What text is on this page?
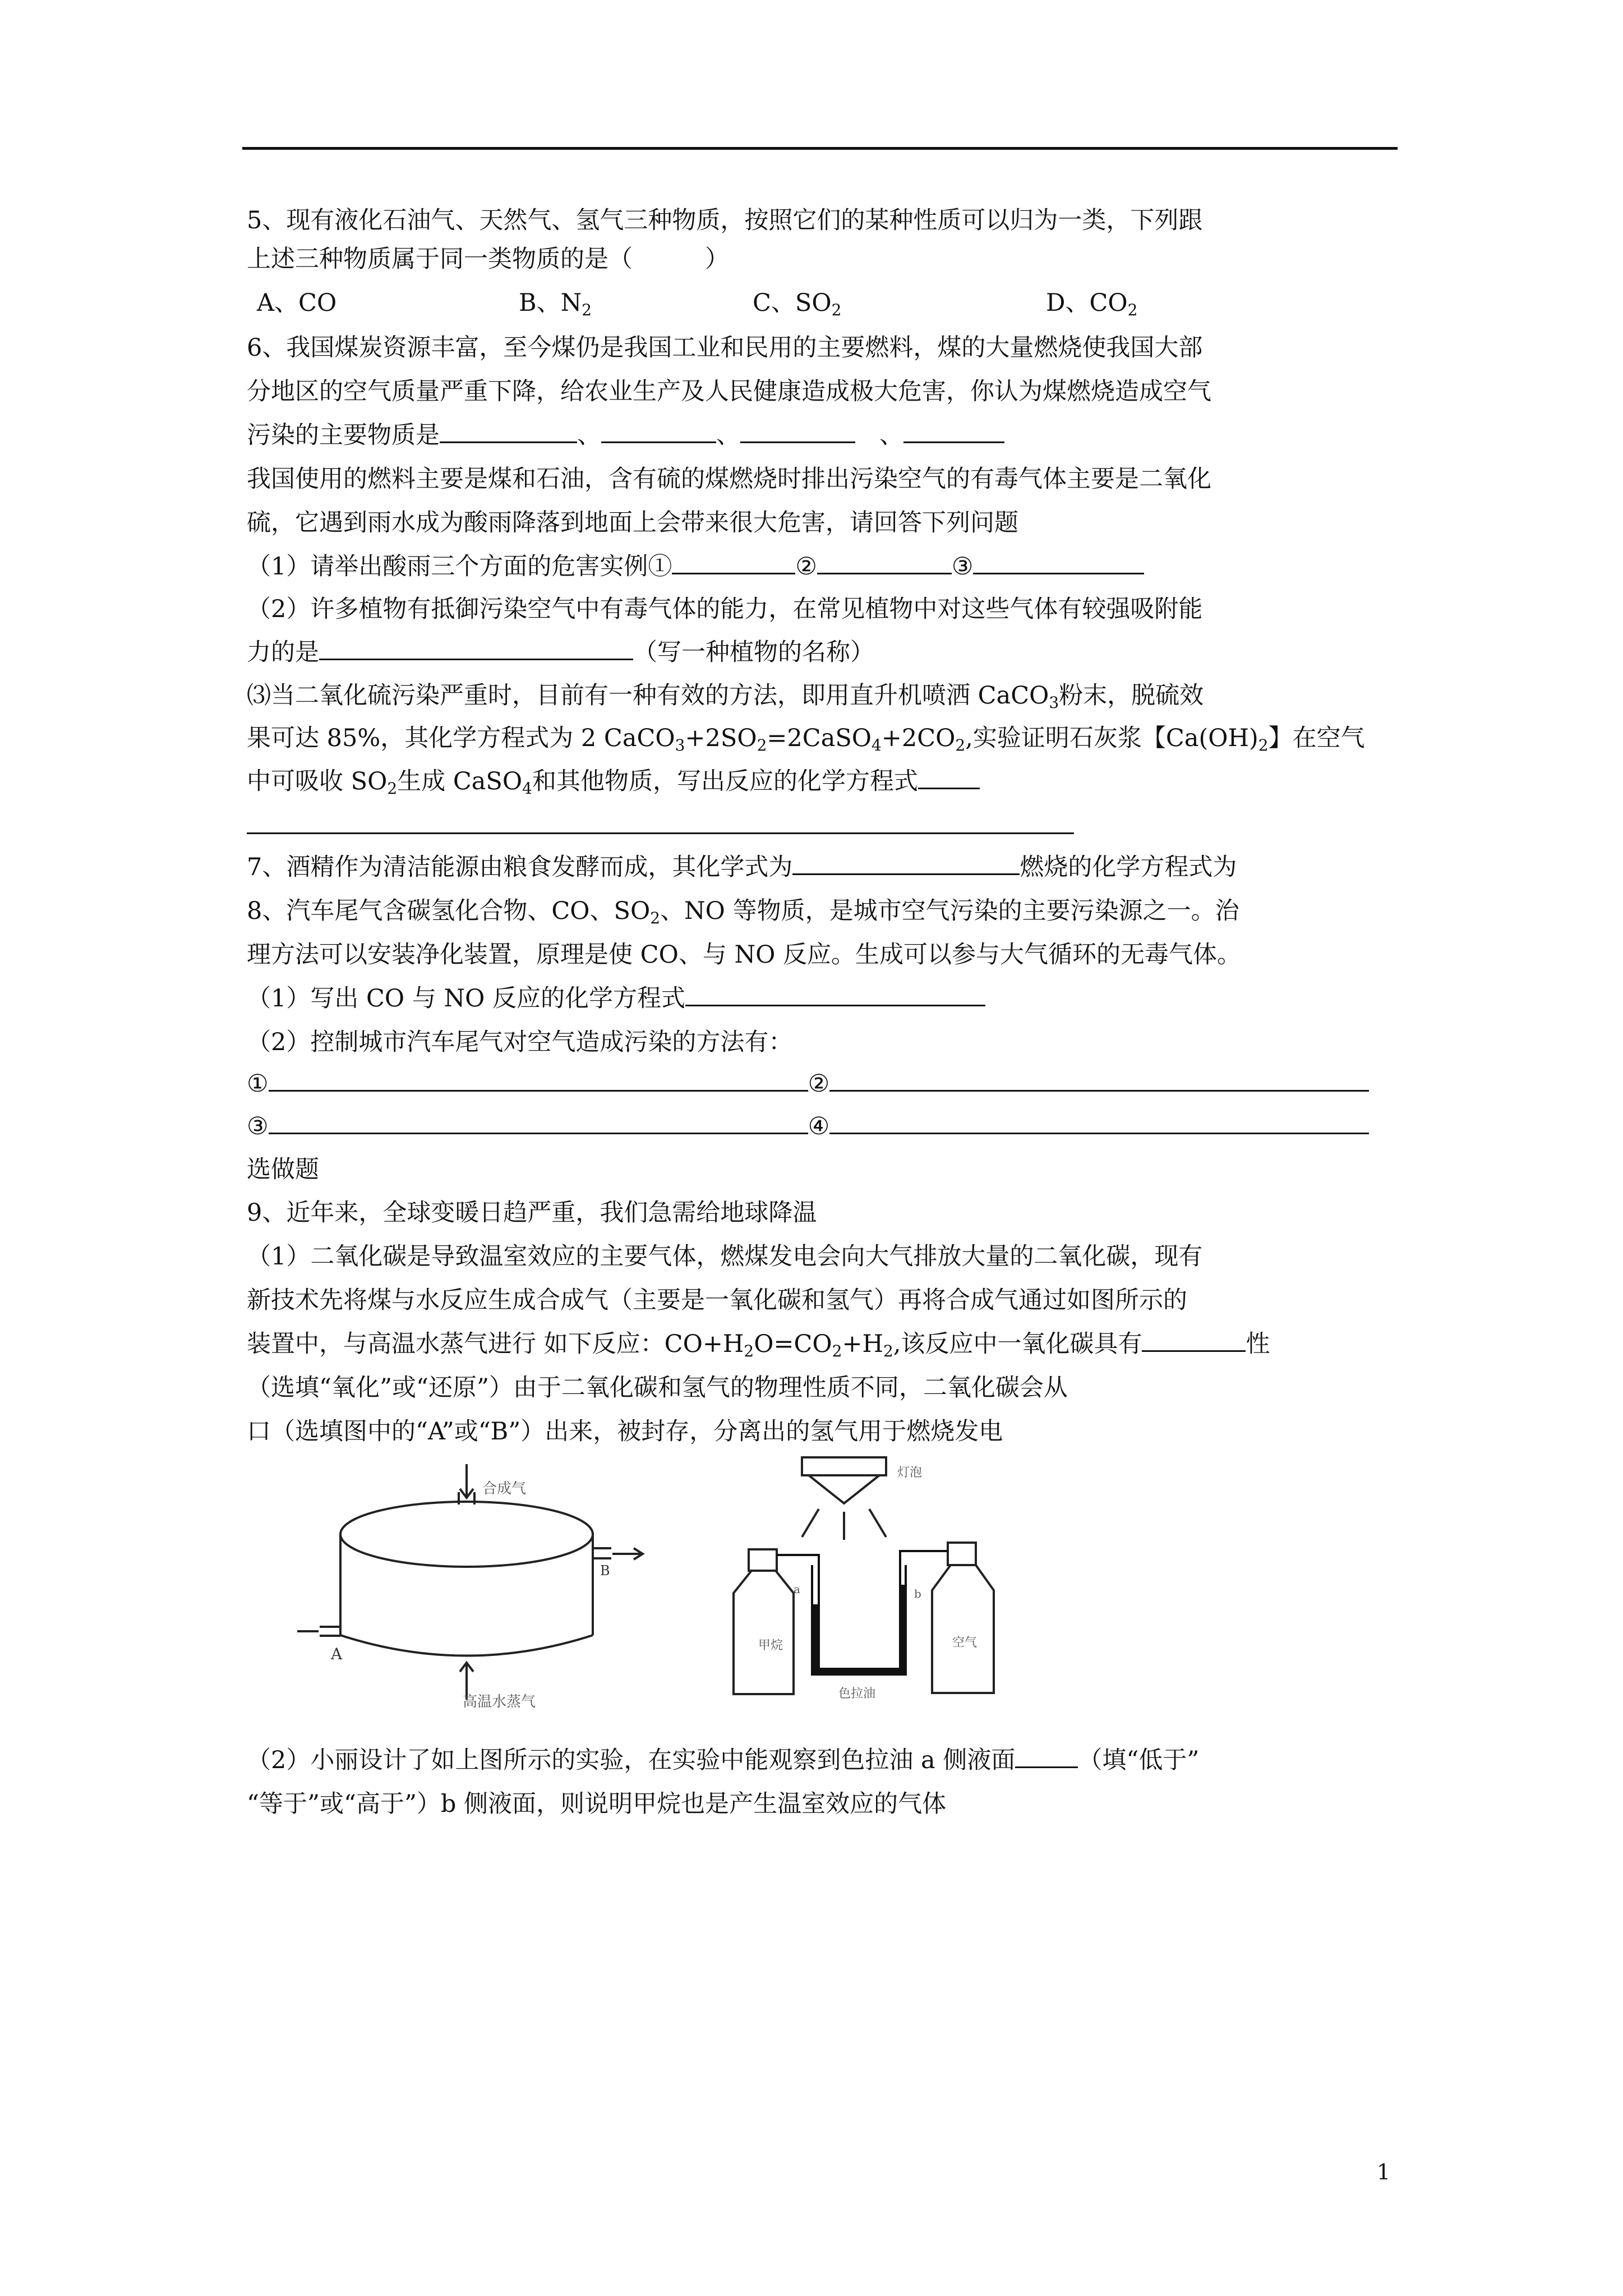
5、现有液化石油气、天然气、氢气三种物质，按照它们的某种性质可以归为一类，下列跟
上述三种物质属于同一类物质的是（　　　）
A、CO	B、$N_2$	C、$SO_2$	D、$CO_2$
6、我国煤炭资源丰富，至今煤仍是我国工业和民用的主要燃料，煤的大量燃烧使我国大部
分地区的空气质量严重下降，给农业生产及人民健康造成极大危害，你认为煤燃烧造成空气
污染的主要物质是	、	、	　、
我国使用的燃料主要是煤和石油，含有硫的煤燃烧时排出污染空气的有毒气体主要是二氧化
硫，它遇到雨水成为酸雨降落到地面上会带来很大危害，请回答下列问题
（1）请举出酸雨三个方面的危害实例①	②	③
（2）许多植物有抵御污染空气中有毒气体的能力，在常见植物中对这些气体有较强吸附能
力的是	（写一种植物的名称）
⑶当二氧化硫污染严重时，目前有一种有效的方法，即用直升机喷洒 CaCO$_3$粉末，脱硫效
果可达 85%，其化学方程式为 2 $CaCO_3+2SO_2=2CaSO_4+2CO_2$,实验证明石灰浆【$Ca(OH)_2$】在空气
中可吸收 $SO_2$生成 CaSO$_4$和其他物质，写出反应的化学方程式
7、酒精作为清洁能源由粮食发酵而成，其化学式为	燃烧的化学方程式为
8、汽车尾气含碳氢化合物、CO、$SO_2$、NO 等物质，是城市空气污染的主要污染源之一。治
理方法可以安装净化装置，原理是使 CO、与 NO 反应。生成可以参与大气循环的无毒气体。
（1）写出 CO 与 NO 反应的化学方程式
（2）控制城市汽车尾气对空气造成污染的方法有：
①	②
③	④
选做题
9、近年来，全球变暖日趋严重，我们急需给地球降温
（1）二氧化碳是导致温室效应的主要气体，燃煤发电会向大气排放大量的二氧化碳，现有
新技术先将煤与水反应生成合成气（主要是一氧化碳和氢气）再将合成气通过如图所示的
装置中，与高温水蒸气进行 如下反应：$CO+H_2O=CO_2+H_2$,该反应中一氧化碳具有	性
（选填“氧化”或“还原”）由于二氧化碳和氢气的物理性质不同，二氧化碳会从
口（选填图中的“A”或“B”）出来，被封存，分离出的氢气用于燃烧发电
合成气
高温水蒸气
A
B
灯泡
甲烷	空气
色拉油
a	b
（2）小丽设计了如上图所示的实验，在实验中能观察到色拉油 a 侧液面	（填“低于”
“等于”或“高于”）b 侧液面，则说明甲烷也是产生温室效应的气体
1
